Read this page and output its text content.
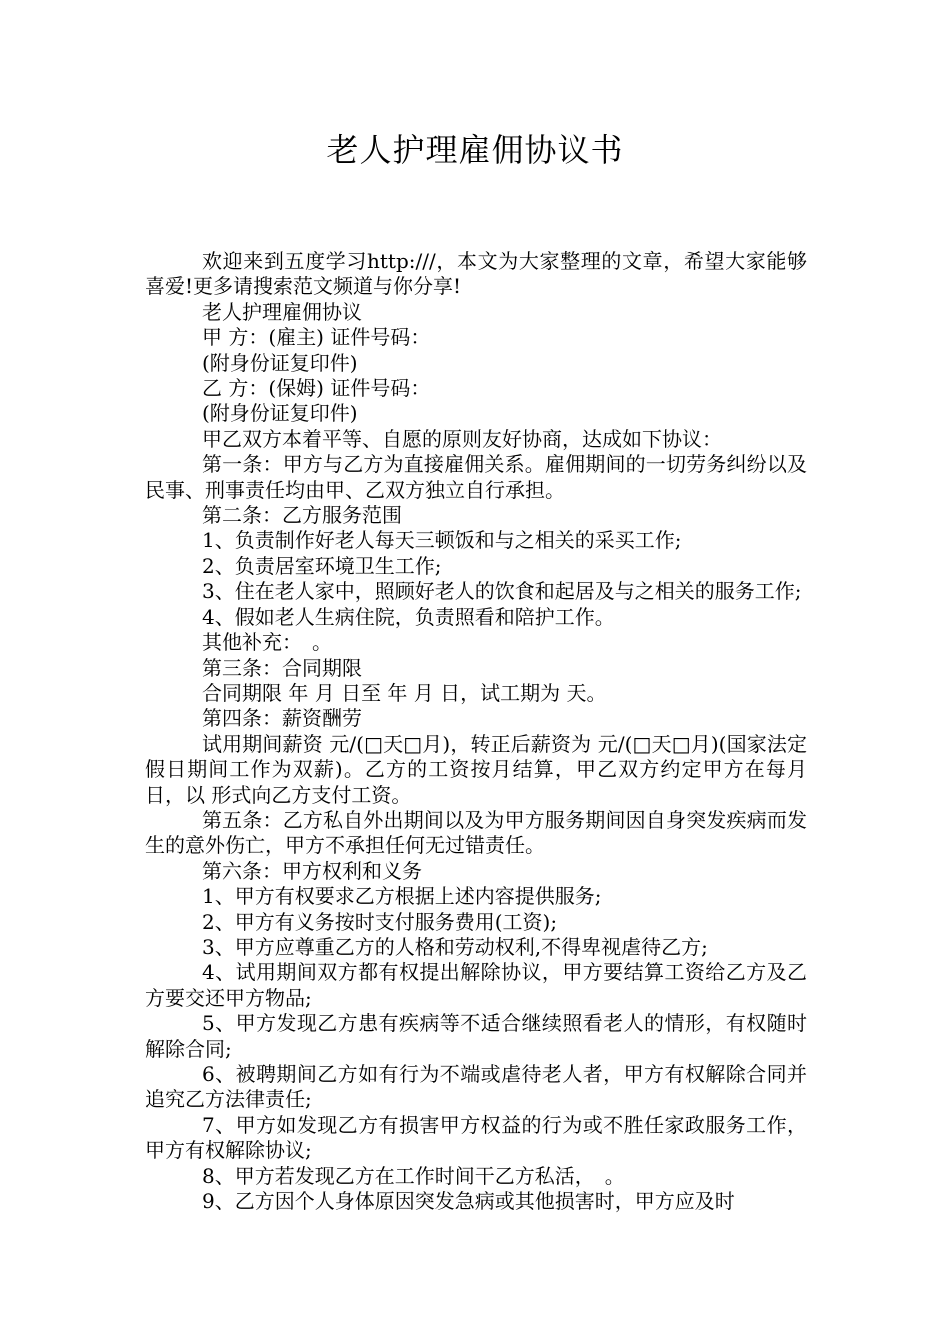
老人护理雇佣协议书

欢迎来到五度学习http:///，本文为大家整理的文章，希望大家能够喜爱!更多请搜索范文频道与你分享!

老人护理雇佣协议

甲 方：(雇主) 证件号码：

(附身份证复印件)

乙 方：(保姆) 证件号码：

(附身份证复印件)

甲乙双方本着平等、自愿的原则友好协商，达成如下协议：

第一条：甲方与乙方为直接雇佣关系。雇佣期间的一切劳务纠纷以及民事、刑事责任均由甲、乙双方独立自行承担。

第二条：乙方服务范围

1、负责制作好老人每天三顿饭和与之相关的采买工作;

2、负责居室环境卫生工作;

3、住在老人家中，照顾好老人的饮食和起居及与之相关的服务工作;

4、假如老人生病住院，负责照看和陪护工作。

其他补充：　。

第三条：合同期限

合同期限 年 月 日至 年 月 日，试工期为 天。

第四条：薪资酬劳

试用期间薪资 元/(□天□月)，转正后薪资为 元/(□天□月)(国家法定假日期间工作为双薪)。乙方的工资按月结算，甲乙双方约定甲方在每月 日，以 形式向乙方支付工资。

第五条：乙方私自外出期间以及为甲方服务期间因自身突发疾病而发生的意外伤亡，甲方不承担任何无过错责任。

第六条：甲方权利和义务

1、甲方有权要求乙方根据上述内容提供服务;

2、甲方有义务按时支付服务费用(工资);

3、甲方应尊重乙方的人格和劳动权利,不得卑视虐待乙方;

4、试用期间双方都有权提出解除协议，甲方要结算工资给乙方及乙方要交还甲方物品;

5、甲方发现乙方患有疾病等不适合继续照看老人的情形，有权随时解除合同;

6、被聘期间乙方如有行为不端或虐待老人者，甲方有权解除合同并追究乙方法律责任;

7、甲方如发现乙方有损害甲方权益的行为或不胜任家政服务工作，甲方有权解除协议;

8、甲方若发现乙方在工作时间干乙方私活，　。

9、乙方因个人身体原因突发急病或其他损害时，甲方应及时
